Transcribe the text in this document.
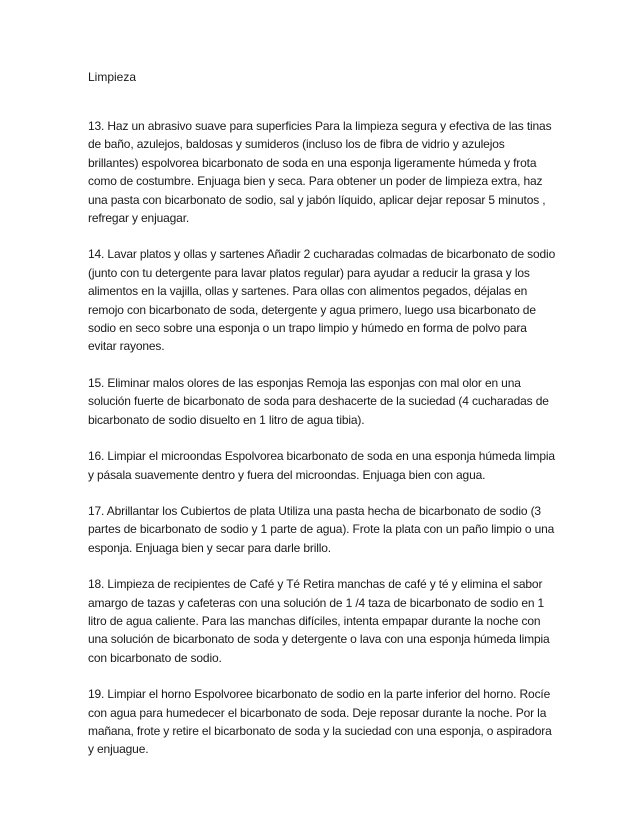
Limpieza

13. Haz un abrasivo suave para superficies Para la limpieza segura y efectiva de las tinas de baño, azulejos, baldosas y sumideros (incluso los de fibra de vidrio y azulejos brillantes) espolvorea bicarbonato de soda en una esponja ligeramente húmeda y frota como de costumbre. Enjuaga bien y seca. Para obtener un poder de limpieza extra, haz una pasta con bicarbonato de sodio, sal y jabón líquido, aplicar dejar reposar 5 minutos , refregar y enjuagar.

14. Lavar platos y ollas y sartenes Añadir 2 cucharadas colmadas de bicarbonato de sodio (junto con tu detergente para lavar platos regular) para ayudar a reducir la grasa y los alimentos en la vajilla, ollas y sartenes. Para ollas con alimentos pegados, déjalas en remojo con bicarbonato de soda, detergente y agua primero, luego usa bicarbonato de sodio en seco sobre una esponja o un trapo limpio y húmedo en forma de polvo para evitar rayones.

15. Eliminar malos olores de las esponjas Remoja las esponjas con mal olor en una solución fuerte de bicarbonato de soda para deshacerte de la suciedad (4 cucharadas de bicarbonato de sodio disuelto en 1 litro de agua tibia).

16. Limpiar el microondas Espolvorea bicarbonato de soda en una esponja húmeda limpia y pásala suavemente dentro y fuera del microondas. Enjuaga bien con agua.

17. Abrillantar los Cubiertos de plata Utiliza una pasta hecha de bicarbonato de sodio (3 partes de bicarbonato de sodio y 1 parte de agua). Frote la plata con un paño limpio o una esponja. Enjuaga bien y secar para darle brillo.

18. Limpieza de recipientes de Café y Té Retira manchas de café y té y elimina el sabor amargo de tazas y cafeteras con una solución de 1 /4 taza de bicarbonato de sodio en 1 litro de agua caliente. Para las manchas difíciles, intenta empapar durante la noche con una solución de bicarbonato de soda y detergente o lava con una esponja húmeda limpia con bicarbonato de sodio.

19. Limpiar el horno Espolvoree bicarbonato de sodio en la parte inferior del horno. Rocíe con agua para humedecer el bicarbonato de soda. Deje reposar durante la noche. Por la mañana, frote y retire el bicarbonato de soda y la suciedad con una esponja, o aspiradora y enjuague.
